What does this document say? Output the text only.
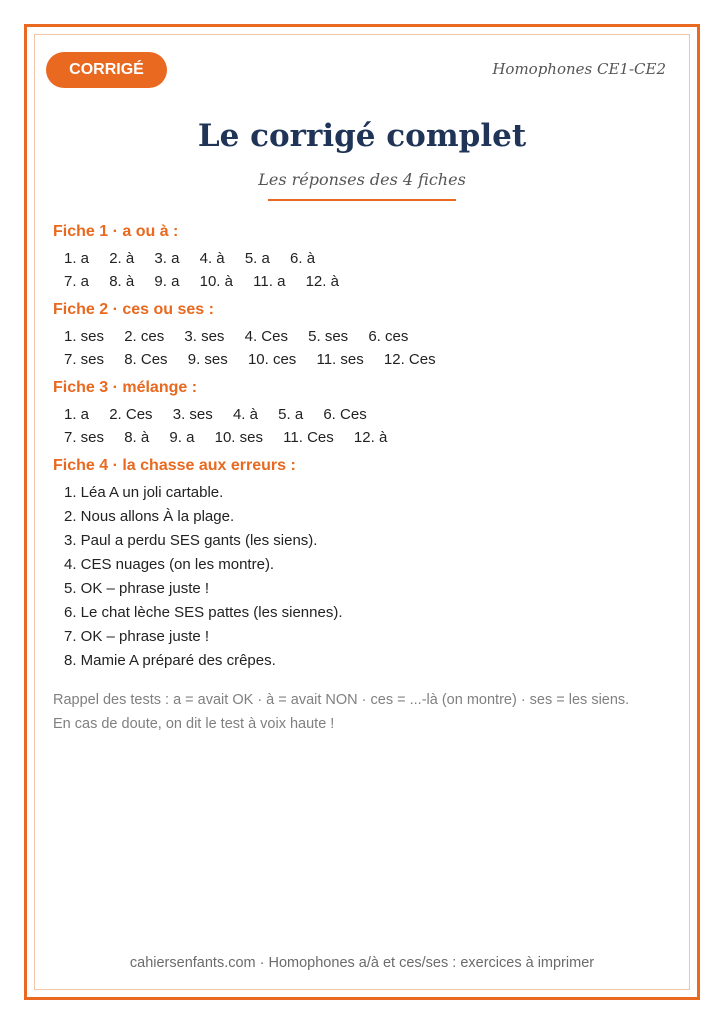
CORRIGÉ	Homophones CE1-CE2
Le corrigé complet
Les réponses des 4 fiches
Fiche 1 · a ou à :
1. a 2. à 3. a 4. à 5. a 6. à
7. a 8. à 9. a 10. à 11. a 12. à
Fiche 2 · ces ou ses :
1. ses 2. ces 3. ses 4. Ces 5. ses 6. ces
7. ses 8. Ces 9. ses 10. ces 11. ses 12. Ces
Fiche 3 · mélange :
1. a 2. Ces 3. ses 4. à 5. a 6. Ces
7. ses 8. à 9. a 10. ses 11. Ces 12. à
Fiche 4 · la chasse aux erreurs :
1. Léa A un joli cartable.
2. Nous allons À la plage.
3. Paul a perdu SES gants (les siens).
4. CES nuages (on les montre).
5. OK – phrase juste !
6. Le chat lèche SES pattes (les siennes).
7. OK – phrase juste !
8. Mamie A préparé des crêpes.
Rappel des tests : a = avait OK · à = avait NON · ces = ...-là (on montre) · ses = les siens. En cas de doute, on dit le test à voix haute !
cahiersenfants.com · Homophones a/à et ces/ses : exercices à imprimer
